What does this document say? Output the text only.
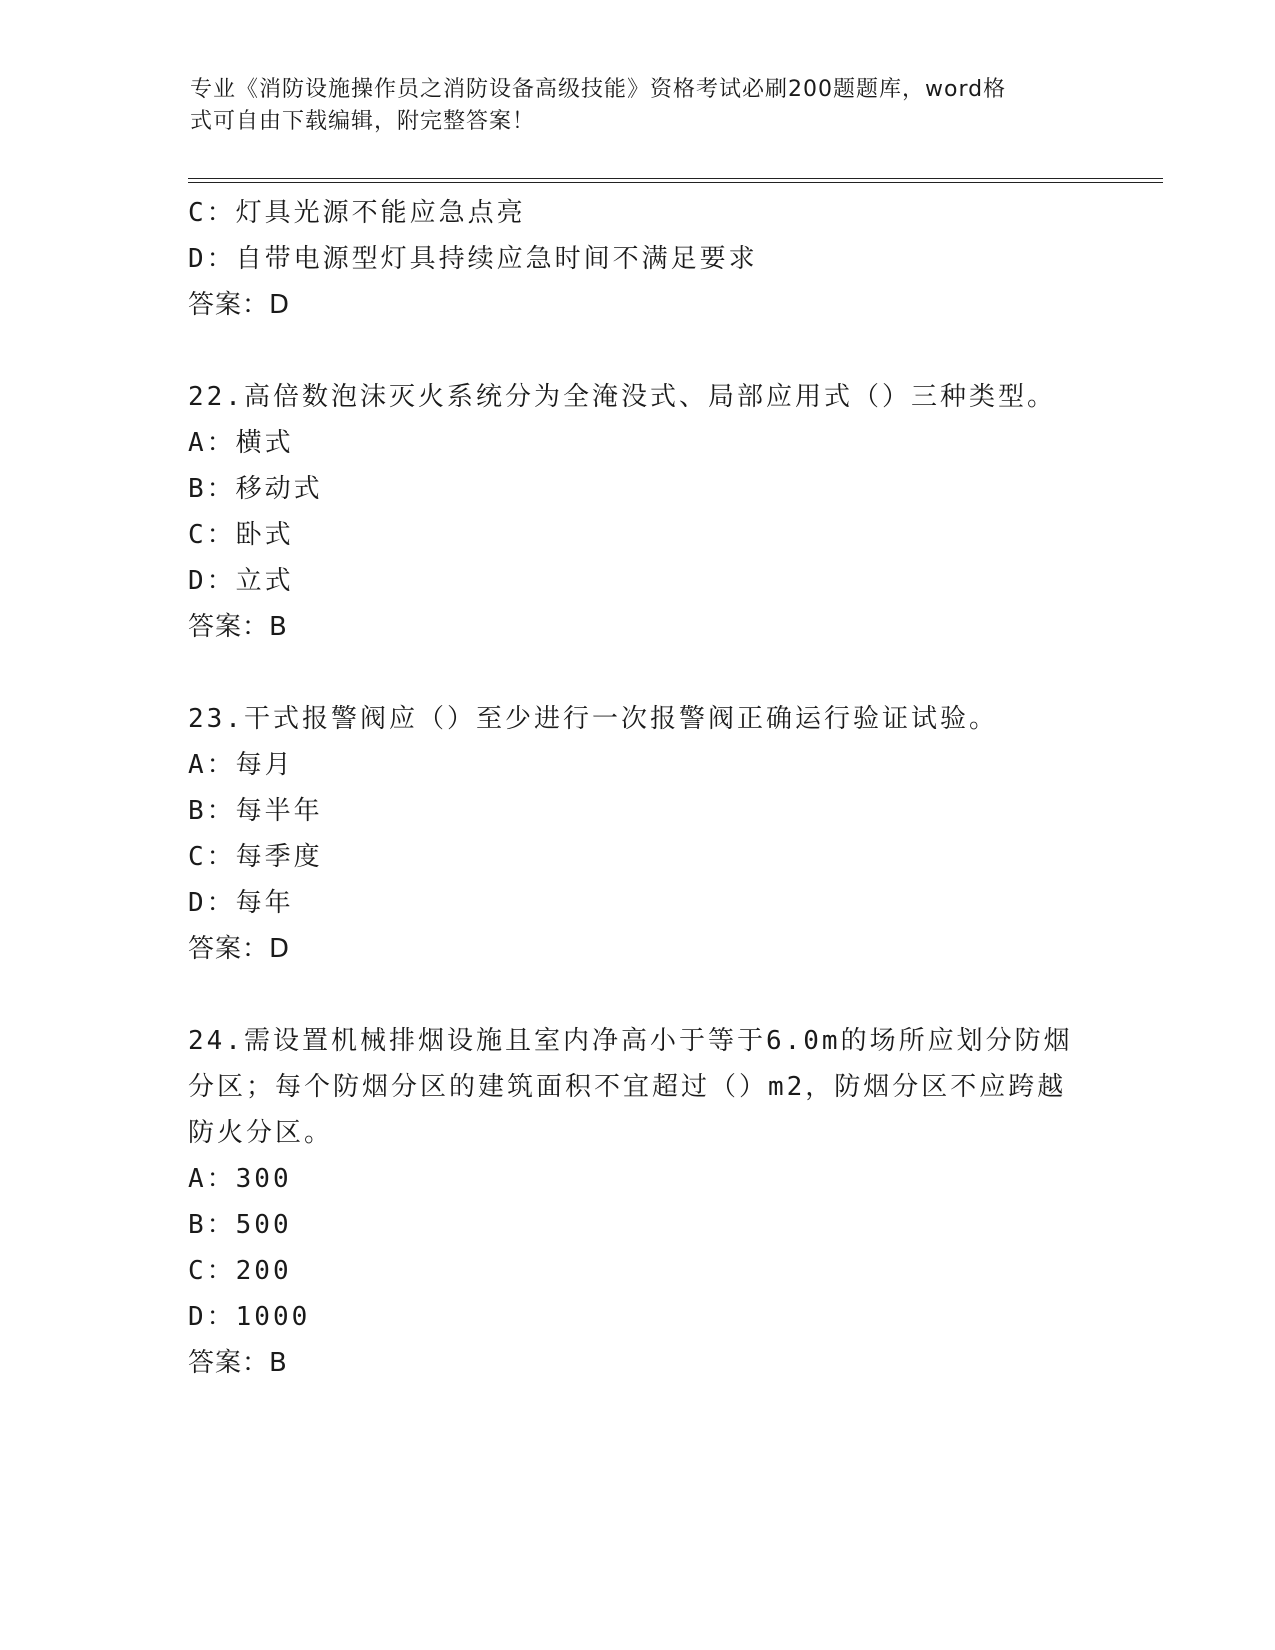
专业《消防设施操作员之消防设备高级技能》资格考试必刷200题题库，word格
式可自由下载编辑，附完整答案！
C：灯具光源不能应急点亮
D：自带电源型灯具持续应急时间不满足要求
答案：D
22.高倍数泡沫灭火系统分为全淹没式、局部应用式（）三种类型。
A：横式
B：移动式
C：卧式
D：立式
答案：B
23.干式报警阀应（）至少进行一次报警阀正确运行验证试验。
A：每月
B：每半年
C：每季度
D：每年
答案：D
24.需设置机械排烟设施且室内净高小于等于6.0m的场所应划分防烟
分区；每个防烟分区的建筑面积不宜超过（）m2，防烟分区不应跨越
防火分区。
A：300
B：500
C：200
D：1000
答案：B
